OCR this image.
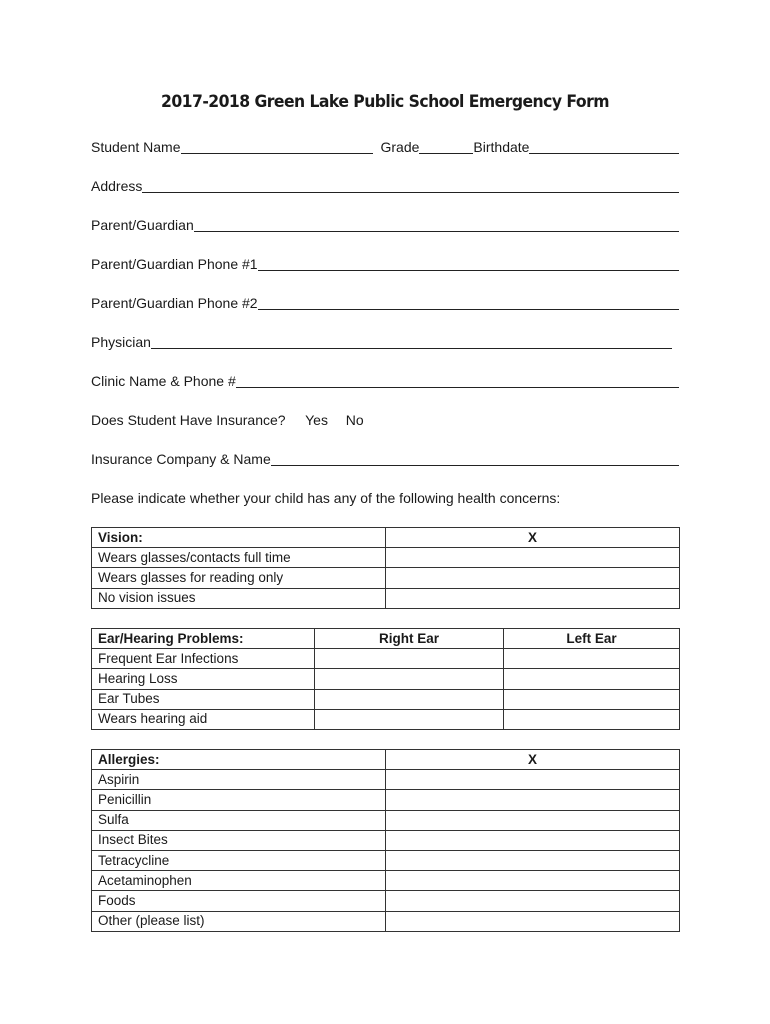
2017-2018 Green Lake Public School Emergency Form
Student Name	Grade	Birthdate
Address
Parent/Guardian
Parent/Guardian Phone #1
Parent/Guardian Phone #2
Physician
Clinic Name & Phone #
Does Student Have Insurance? Yes No
Insurance Company & Name
Please indicate whether your child has any of the following health concerns:
Vision:	X
Wears glasses/contacts full time	
Wears glasses for reading only	
No vision issues	
Ear/Hearing Problems:	Right Ear	Left Ear
Frequent Ear Infections		
Hearing Loss		
Ear Tubes		
Wears hearing aid		
Allergies:	X
Aspirin	
Penicillin	
Sulfa	
Insect Bites	
Tetracycline	
Acetaminophen	
Foods	
Other (please list)	
